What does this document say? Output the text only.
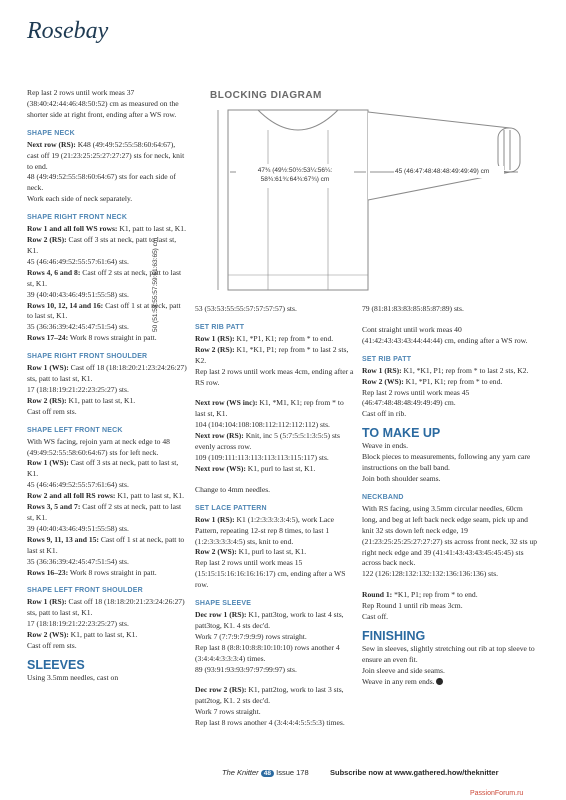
Rosebay
BLOCKING DIAGRAM
47¾ (49½:50½:53¼:56¼:
58¾:61¾:64¾:67¾) cm
45 (46:47:48:48:48:49:49:49) cm
50 (51:53:55:57:59:61:63:65) cm

Rep last 2 rows until work meas 37 (38:40:42:44:46:48:50:52) cm as measured on the shorter side at right front, ending after a WS row.

SHAPE NECK

Next row (RS): K48 (49:49:52:55:58:60:64:67), cast off 19 (21:23:25:25:27:27:27) sts for neck, knit to end.

48 (49:49:52:55:58:60:64:67) sts for each side of neck.

Work each side of neck separately.

SHAPE RIGHT FRONT NECK

Row 1 and all foll WS rows: K1, patt to last st, K1.

Row 2 (RS): Cast off 3 sts at neck, patt to last st, K1.

45 (46:46:49:52:55:57:61:64) sts.

Rows 4, 6 and 8: Cast off 2 sts at neck, patt to last st, K1.

39 (40:40:43:46:49:51:55:58) sts.

Rows 10, 12, 14 and 16: Cast off 1 st at neck, patt to last st, K1.

35 (36:36:39:42:45:47:51:54) sts.

Rows 17–24: Work 8 rows straight in patt.

SHAPE RIGHT FRONT SHOULDER

Row 1 (WS): Cast off 18 (18:18:20:21:23:24:26:27) sts, patt to last st, K1.

17 (18:18:19:21:22:23:25:27) sts.

Row 2 (RS): K1, patt to last st, K1.

Cast off rem sts.

SHAPE LEFT FRONT NECK

With WS facing, rejoin yarn at neck edge to 48 (49:49:52:55:58:60:64:67) sts for left neck.

Row 1 (WS): Cast off 3 sts at neck, patt to last st, K1.

45 (46:46:49:52:55:57:61:64) sts.

Row 2 and all foll RS rows: K1, patt to last st, K1.

Rows 3, 5 and 7: Cast off 2 sts at neck, patt to last st, K1.

39 (40:40:43:46:49:51:55:58) sts.

Rows 9, 11, 13 and 15: Cast off 1 st at neck, patt to last st K1.

35 (36:36:39:42:45:47:51:54) sts.

Rows 16–23: Work 8 rows straight in patt.

SHAPE LEFT FRONT SHOULDER

Row 1 (RS): Cast off 18 (18:18:20:21:23:24:26:27) sts, patt to last st, K1.

17 (18:18:19:21:22:23:25:27) sts.

Row 2 (WS): K1, patt to last st, K1.

Cast off rem sts.

SLEEVES

Using 3.5mm needles, cast on

53 (53:53:55:55:57:57:57:57) sts.

SET RIB PATT

Row 1 (RS): K1, *P1, K1; rep from * to end.

Row 2 (RS): K1, *K1, P1; rep from * to last 2 sts, K2.

Rep last 2 rows until work meas 4cm, ending after a RS row.

Next row (WS inc): K1, *M1, K1; rep from * to last st, K1.

104 (104:104:108:108:112:112:112:112) sts.

Next row (RS): Knit, inc 5 (5:7:5:5:1:3:5:5) sts evenly across row.

109 (109:111:113:113:113:113:115:117) sts.

Next row (WS): K1, purl to last st, K1.

Change to 4mm needles.

SET LACE PATTERN

Row 1 (RS): K1 (1:2:3:3:3:3:4:5), work Lace Pattern, repeating 12-st rep 8 times, to last 1 (1:2:3:3:3:3:4:5) sts, knit to end.

Row 2 (WS): K1, purl to last st, K1.

Rep last 2 rows until work meas 15 (15:15:15:16:16:16:16:17) cm, ending after a WS row.

SHAPE SLEEVE

Dec row 1 (RS): K1, patt3tog, work to last 4 sts, patt3tog, K1. 4 sts dec'd.

Work 7 (7:7:9:7:9:9:9) rows straight.

Rep last 8 (8:8:10:8:8:10:10:10) rows another 4 (3:4:4:4:3:3:3:4) times.

89 (93:91:93:93:97:97:99:97) sts.

Dec row 2 (RS): K1, patt2tog, work to last 3 sts, patt2tog, K1. 2 sts dec'd.

Work 7 rows straight.

Rep last 8 rows another 4 (3:4:4:4:5:5:5:3) times.

79 (81:81:83:83:85:85:87:89) sts.

Cont straight until work meas 40 (41:42:43:43:43:44:44:44) cm, ending after a WS row.

SET RIB PATT

Row 1 (RS): K1, *K1, P1; rep from * to last 2 sts, K2.

Row 2 (WS): K1, *P1, K1; rep from * to end.

Rep last 2 rows until work meas 45 (46:47:48:48:48:49:49:49) cm.

Cast off in rib.

TO MAKE UP

Weave in ends.

Block pieces to measurements, following any yarn care instructions on the ball band.

Join both shoulder seams.

NECKBAND

With RS facing, using 3.5mm circular needles, 60cm long, and beg at left back neck edge seam, pick up and knit 32 sts down left neck edge, 19 (21:23:25:25:25:27:27:27) sts across front neck, 32 sts up right neck edge and 39 (41:41:43:43:43:45:45:45) sts across back neck.

122 (126:128:132:132:132:136:136:136) sts.

Round 1: *K1, P1; rep from * to end.

Rep Round 1 until rib meas 3cm.

Cast off.

FINISHING

Sew in sleeves, slightly stretching out rib at top sleeve to ensure an even fit.

Join sleeve and side seams.

Weave in any rem ends.

The Knitter 48 Issue 178	Subscribe now at www.gathered.how/theknitter
PassionForum.ru
